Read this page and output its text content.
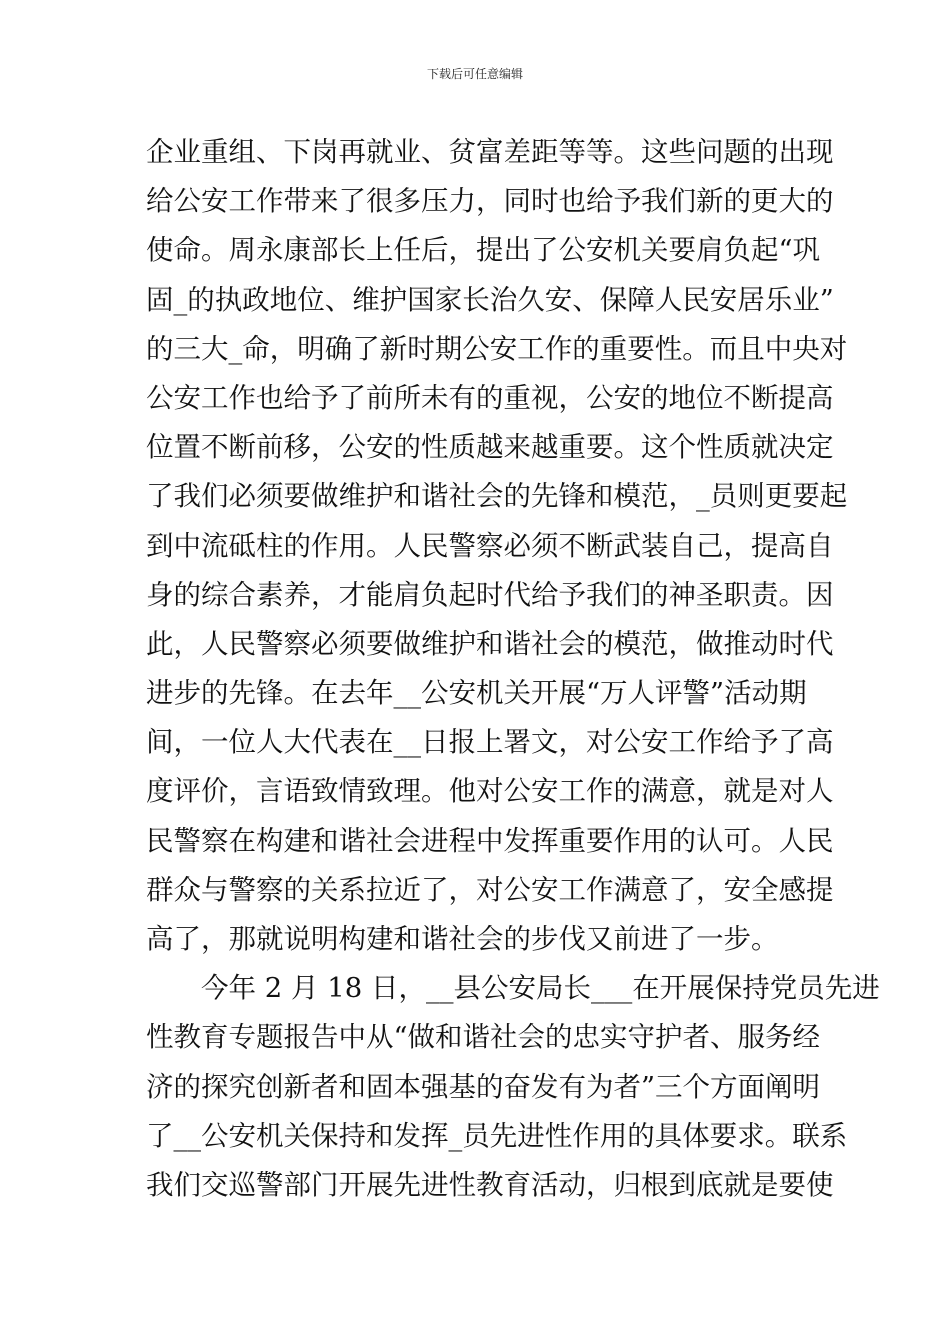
下载后可任意编辑
企业重组、下岗再就业、贫富差距等等。这些问题的出现
给公安工作带来了很多压力，同时也给予我们新的更大的
使命。周永康部长上任后，提出了公安机关要肩负起“巩
固_的执政地位、维护国家长治久安、保障人民安居乐业”
的三大_命，明确了新时期公安工作的重要性。而且中央对
公安工作也给予了前所未有的重视，公安的地位不断提高
位置不断前移，公安的性质越来越重要。这个性质就决定
了我们必须要做维护和谐社会的先锋和模范，_员则更要起
到中流砥柱的作用。人民警察必须不断武装自己，提高自
身的综合素养，才能肩负起时代给予我们的神圣职责。因
此，人民警察必须要做维护和谐社会的模范，做推动时代
进步的先锋。在去年__公安机关开展“万人评警”活动期
间，一位人大代表在__日报上署文，对公安工作给予了高
度评价，言语致情致理。他对公安工作的满意，就是对人
民警察在构建和谐社会进程中发挥重要作用的认可。人民
群众与警察的关系拉近了，对公安工作满意了，安全感提
高了，那就说明构建和谐社会的步伐又前进了一步。
今年 2 月 18 日，__县公安局长___在开展保持党员先进
性教育专题报告中从“做和谐社会的忠实守护者、服务经
济的探究创新者和固本强基的奋发有为者”三个方面阐明
了__公安机关保持和发挥_员先进性作用的具体要求。联系
我们交巡警部门开展先进性教育活动，归根到底就是要使
